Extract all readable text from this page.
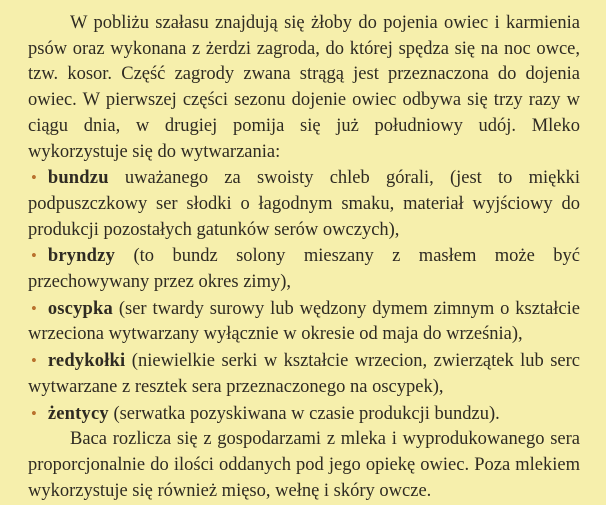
W pobliżu szałasu znajdują się żłoby do pojenia owiec i karmienia psów oraz wykonana z żerdzi zagroda, do której spędza się na noc owce, tzw. kosor. Część zagrody zwana strągą jest przeznaczona do dojenia owiec. W pierwszej części sezonu dojenie owiec odbywa się trzy razy w ciągu dnia, w drugiej pomija się już południowy udój. Mleko wykorzystuje się do wytwarzania:

• bundzu uważanego za swoisty chleb górali, (jest to miękki podpuszczkowy ser słodki o łagodnym smaku, materiał wyjściowy do produkcji pozostałych gatunków serów owczych),

• bryndzy (to bundz solony mieszany z masłem może być przechowywany przez okres zimy),

• oscypka (ser twardy surowy lub wędzony dymem zimnym o kształcie wrzeciona wytwarzany wyłącznie w okresie od maja do września),

• redykołki (niewielkie serki w kształcie wrzecion, zwierzątek lub serc wytwarzane z resztek sera przeznaczonego na oscypek),

• żentycy (serwatka pozyskiwana w czasie produkcji bundzu).

Baca rozlicza się z gospodarzami z mleka i wyprodukowanego sera proporcjonalnie do ilości oddanych pod jego opiekę owiec. Poza mlekiem wykorzystuje się również mięso, wełnę i skóry owcze.
